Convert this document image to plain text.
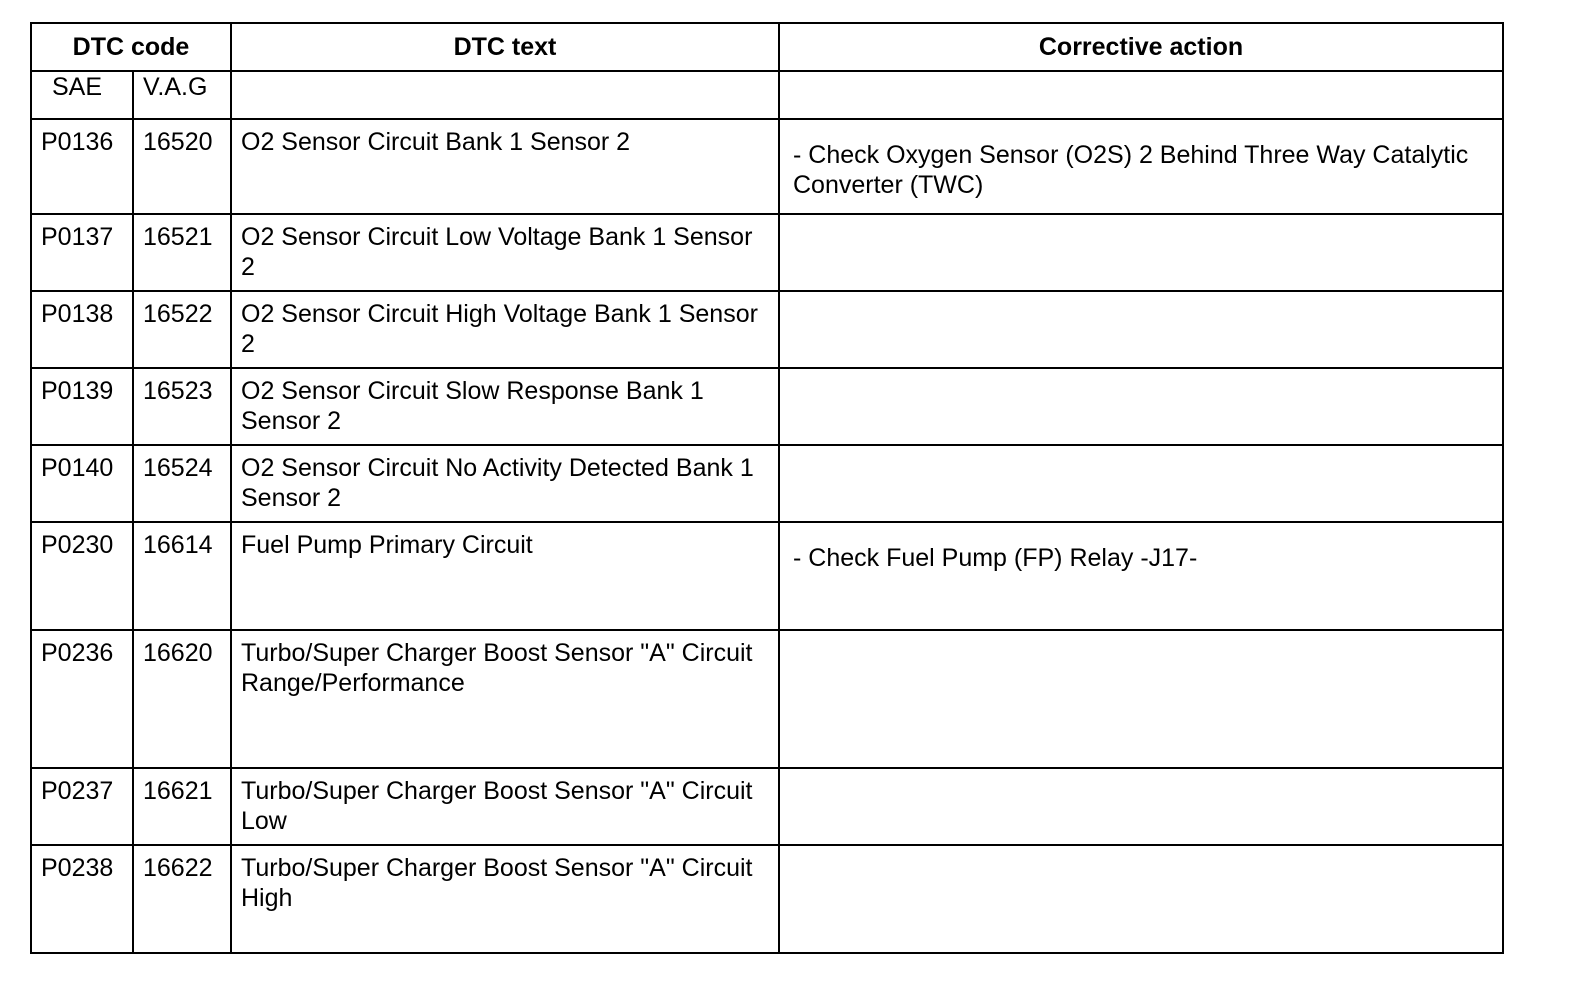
DTC code		DTC text	Corrective action

SAE	V.A.G		

P0136	16520	O2 Sensor Circuit Bank 1 Sensor 2	- Check Oxygen Sensor (O2S) 2 Behind Three Way Catalytic Converter (TWC)

P0137	16521	O2 Sensor Circuit Low Voltage Bank 1 Sensor 2	

P0138	16522	O2 Sensor Circuit High Voltage Bank 1 Sensor 2	

P0139	16523	O2 Sensor Circuit Slow Response Bank 1 Sensor 2	

P0140	16524	O2 Sensor Circuit No Activity Detected Bank 1 Sensor 2	

P0230	16614	Fuel Pump Primary Circuit	- Check Fuel Pump (FP) Relay -J17-

P0236	16620	Turbo/Super Charger Boost Sensor "A" Circuit Range/Performance	

P0237	16621	Turbo/Super Charger Boost Sensor "A" Circuit Low	

P0238	16622	Turbo/Super Charger Boost Sensor "A" Circuit High	
